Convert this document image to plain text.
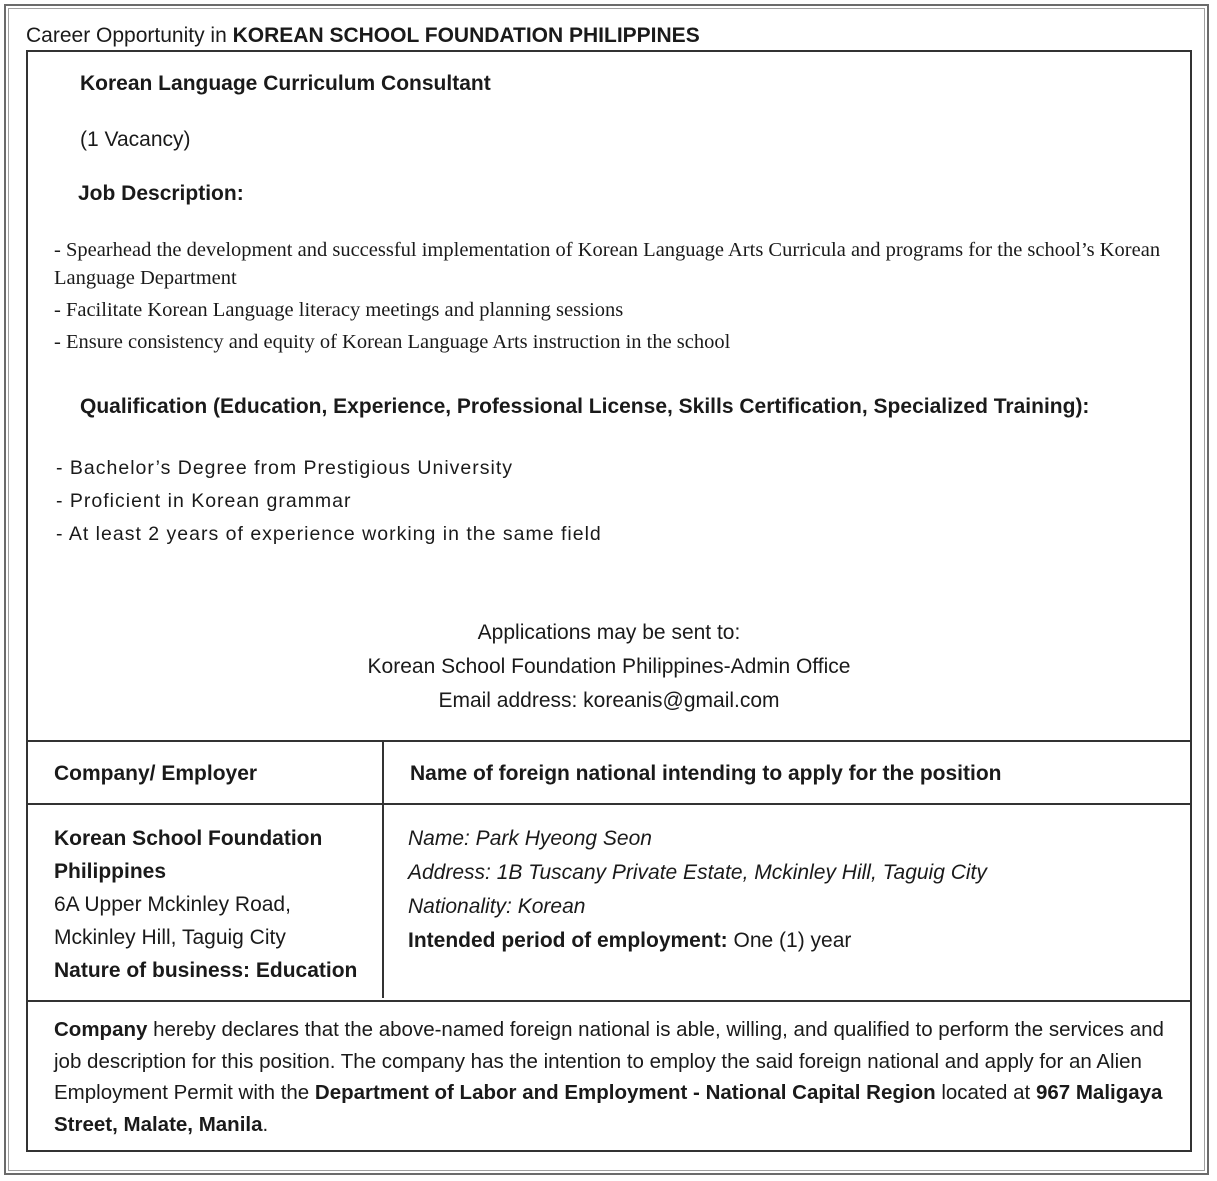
Career Opportunity in KOREAN SCHOOL FOUNDATION PHILIPPINES
Korean Language Curriculum Consultant
(1 Vacancy)
Job Description:
- Spearhead the development and successful implementation of Korean Language Arts Curricula and programs for the school’s Korean Language Department
- Facilitate Korean Language literacy meetings and planning sessions
- Ensure consistency and equity of Korean Language Arts instruction in the school
Qualification (Education, Experience, Professional License, Skills Certification, Specialized Training):
- Bachelor’s Degree from Prestigious University
- Proficient in Korean grammar
- At least 2 years of experience working in the same field
Applications may be sent to:
Korean School Foundation Philippines-Admin Office
Email address: koreanis@gmail.com
Company/ Employer	Name of foreign national intending to apply for the position
Korean School Foundation
Philippines
6A Upper Mckinley Road,
Mckinley Hill, Taguig City
Nature of business: Education
Name: Park Hyeong Seon
Address: 1B Tuscany Private Estate, Mckinley Hill, Taguig City
Nationality: Korean
Intended period of employment: One (1) year
Company hereby declares that the above-named foreign national is able, willing, and qualified to perform the services and job description for this position. The company has the intention to employ the said foreign national and apply for an Alien Employment Permit with the Department of Labor and Employment - National Capital Region located at 967 Maligaya Street, Malate, Manila.
